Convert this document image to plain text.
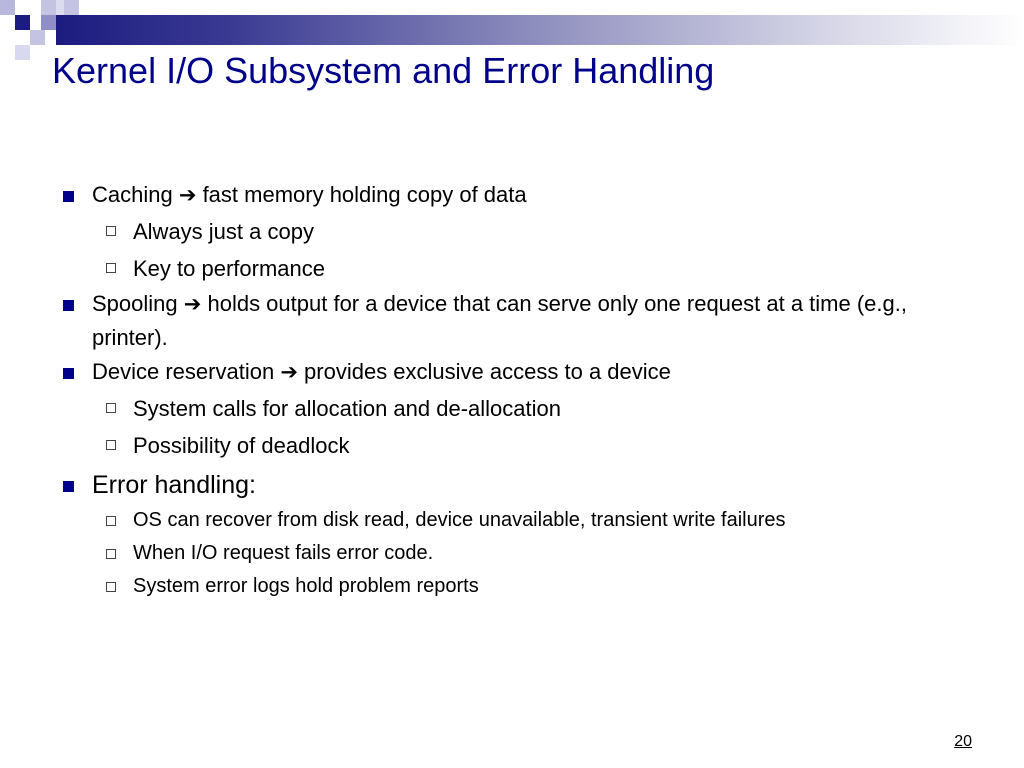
Kernel I/O Subsystem and Error Handling
Caching ➔ fast memory holding copy of data
Always just a copy
Key to performance
Spooling ➔ holds output for a device that can serve only one request at a time (e.g., printer).
Device reservation ➔ provides exclusive access to a device
System calls for allocation and de-allocation
Possibility of deadlock
Error handling:
OS can recover from disk read, device unavailable, transient write failures
When I/O request fails error code.
System error logs hold problem reports
20
